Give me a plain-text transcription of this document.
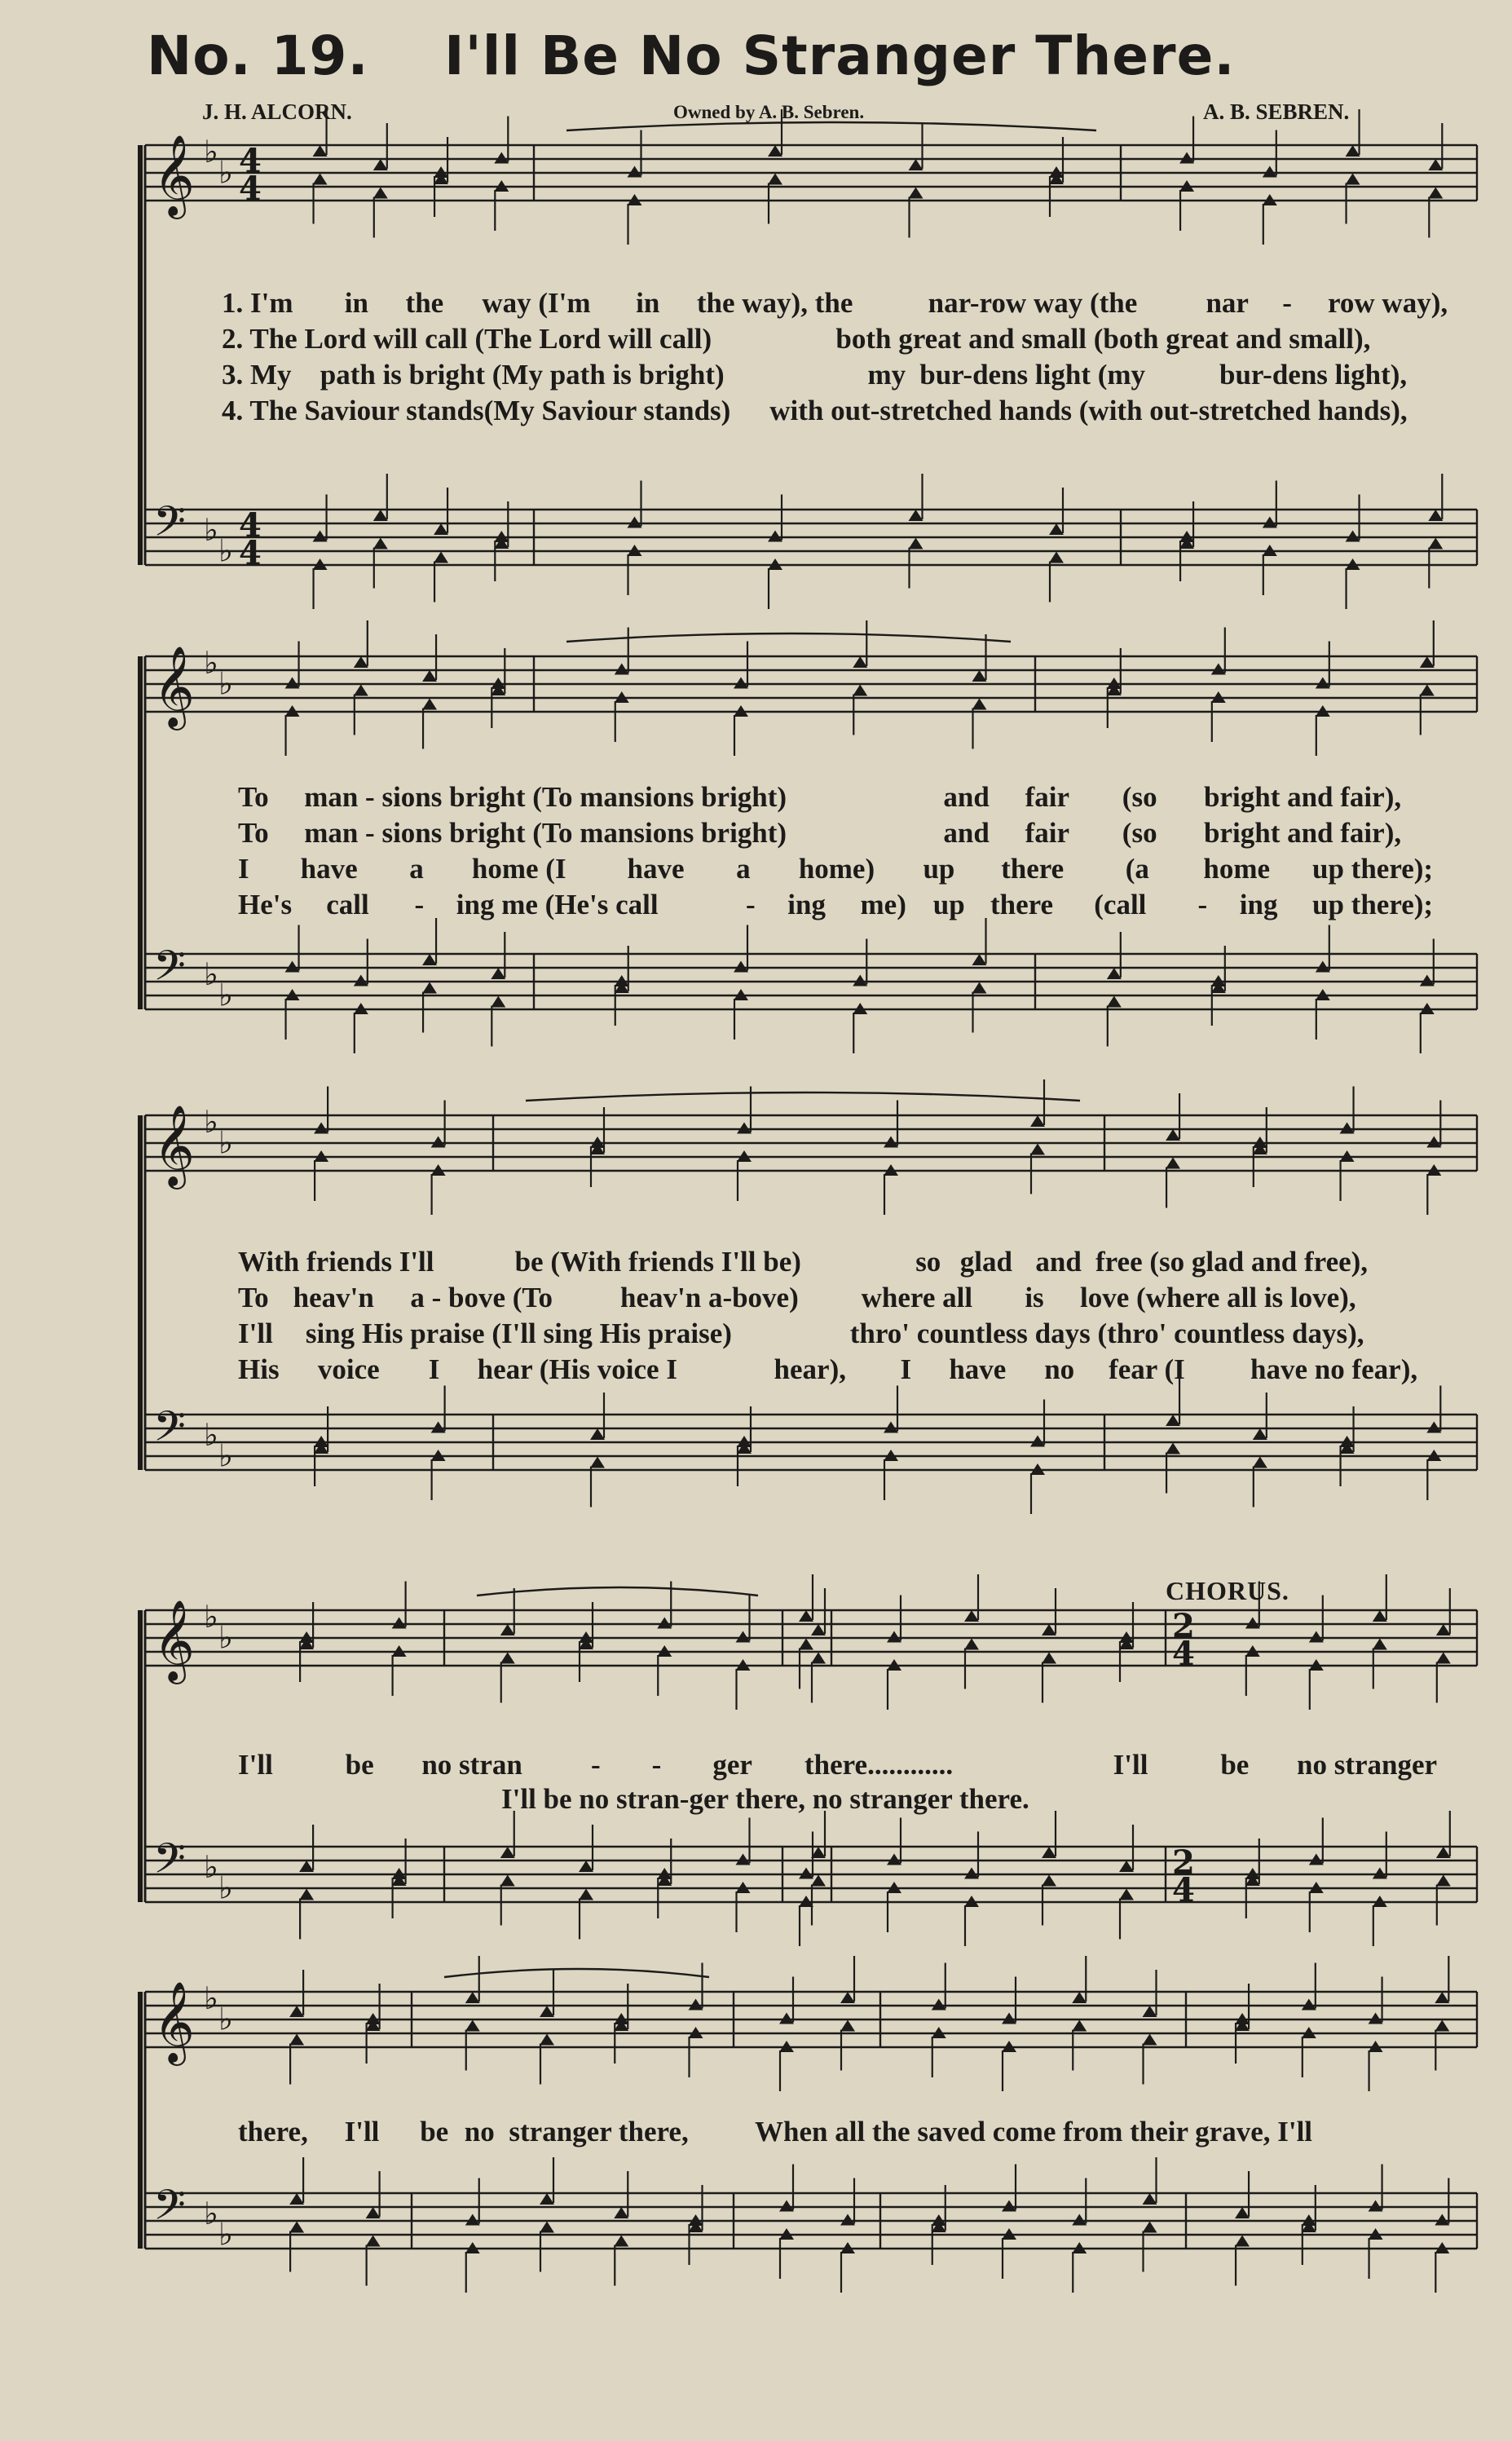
No. 19. I'll Be No Stranger There.
J. H. ALCORN.	Owned by A. B. Sebren.	A. B. SEBREN.
𝄞
𝄢
♭
♭
♭
♭
4
4
4
4
𝄞
𝄢
♭
♭
♭
♭
𝄞
𝄢
♭
♭
♭
♭
𝄞
𝄢
♭
♭
♭
♭
2
4
2
4
𝄞
𝄢
♭
♭
♭
♭
CHORUS.
1. I'm in the way (I'm in the way), the	nar-row way (the nar - row way),
2. The Lord will call (The Lord will call)	both great and small (both great and small),
3. My path is bright (My path is bright)	my bur-dens light (my	bur-dens light),
4. The Saviour stands(My Saviour stands) with out-stretched hands (with out-stretched hands),
To man - sions bright (To mansions bright)	and fair (so bright and fair),
To man - sions bright (To mansions bright)	and fair (so bright and fair),
I have a home (I have a home) up there (a home up there);
He's call - ing me (He's call	- ing me) up there (call - ing up there);
With friends I'll	be (With friends I'll be)	so glad and free (so glad and free),
To heav'n a - bove (To heav'n a-bove) where all is love (where all is love),
I'll sing His praise (I'll sing His praise)	thro' countless days (thro' countless days),
His voice I hear (His voice I	hear), I have no fear (I have no fear),
I'll	be no stran - - ger there............	I'll	be no stranger
I'll be no stran-ger there, no stranger there.
there, I'll be no stranger there, When all the saved come from their grave, I'll
